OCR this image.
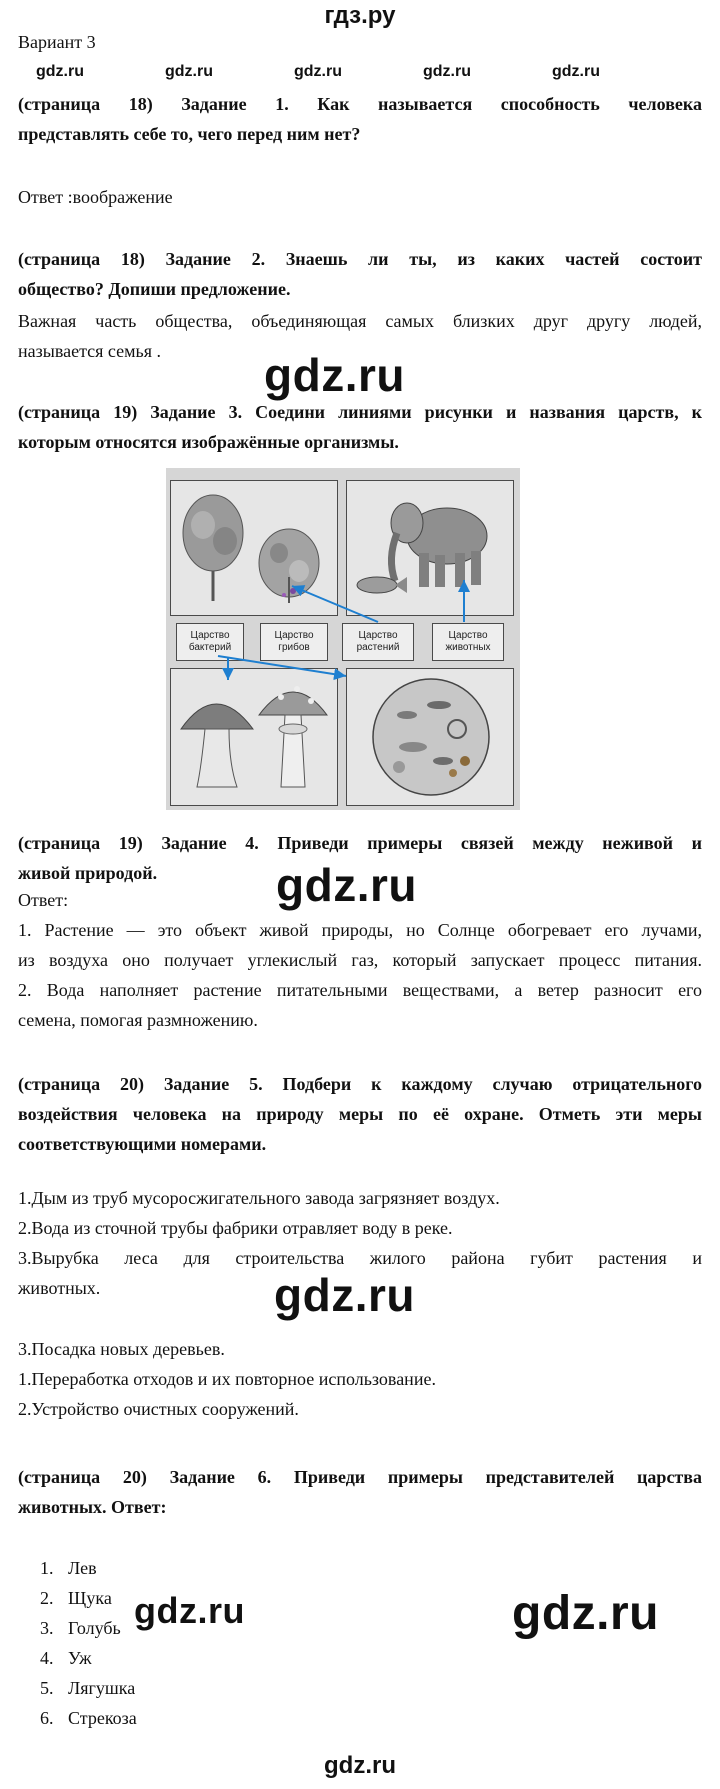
гдз.ру
Вариант 3
gdz.ru	gdz.ru	gdz.ru	gdz.ru	gdz.ru
(страница 18) Задание 1. Как называется способность человека
представлять себе то, чего перед ним нет?
Ответ :воображение
(страница 18) Задание 2. Знаешь ли ты, из каких частей состоит
общество? Допиши предложение.
Важная часть общества, объединяющая самых близких друг другу людей,
называется семья .	gdz.ru
(страница 19) Задание 3. Соедини линиями рисунки и названия царств, к
которым относятся изображённые организмы.
Царство
бактерий
Царство
грибов
Царство
растений
Царство
животных
(страница 19) Задание 4. Приведи примеры связей между неживой и
живой природой.	gdz.ru
Ответ:
1. Растение — это объект живой природы, но Солнце обогревает его лучами,
из воздуха оно получает углекислый газ, который запускает процесс питания.
2. Вода наполняет растение питательными веществами, а ветер разносит его
семена, помогая размножению.
(страница 20) Задание 5. Подбери к каждому случаю отрицательного
воздействия человека на природу меры по её охране. Отметь эти меры
соответствующими номерами.
1.Дым из труб мусоросжигательного завода загрязняет воздух.
2.Вода из сточной трубы фабрики отравляет воду в реке.
3.Вырубка леса для строительства жилого района губит растения и
животных.	gdz.ru
3.Посадка новых деревьев.
1.Переработка отходов и их повторное использование.
2.Устройство очистных сооружений.
(страница 20) Задание 6. Приведи примеры представителей царства
животных. Ответ:
1. Лев
2. Щука
3. Голубь
4. Уж
5. Лягушка
6. Стрекоза
gdz.ru	gdz.ru
gdz.ru
